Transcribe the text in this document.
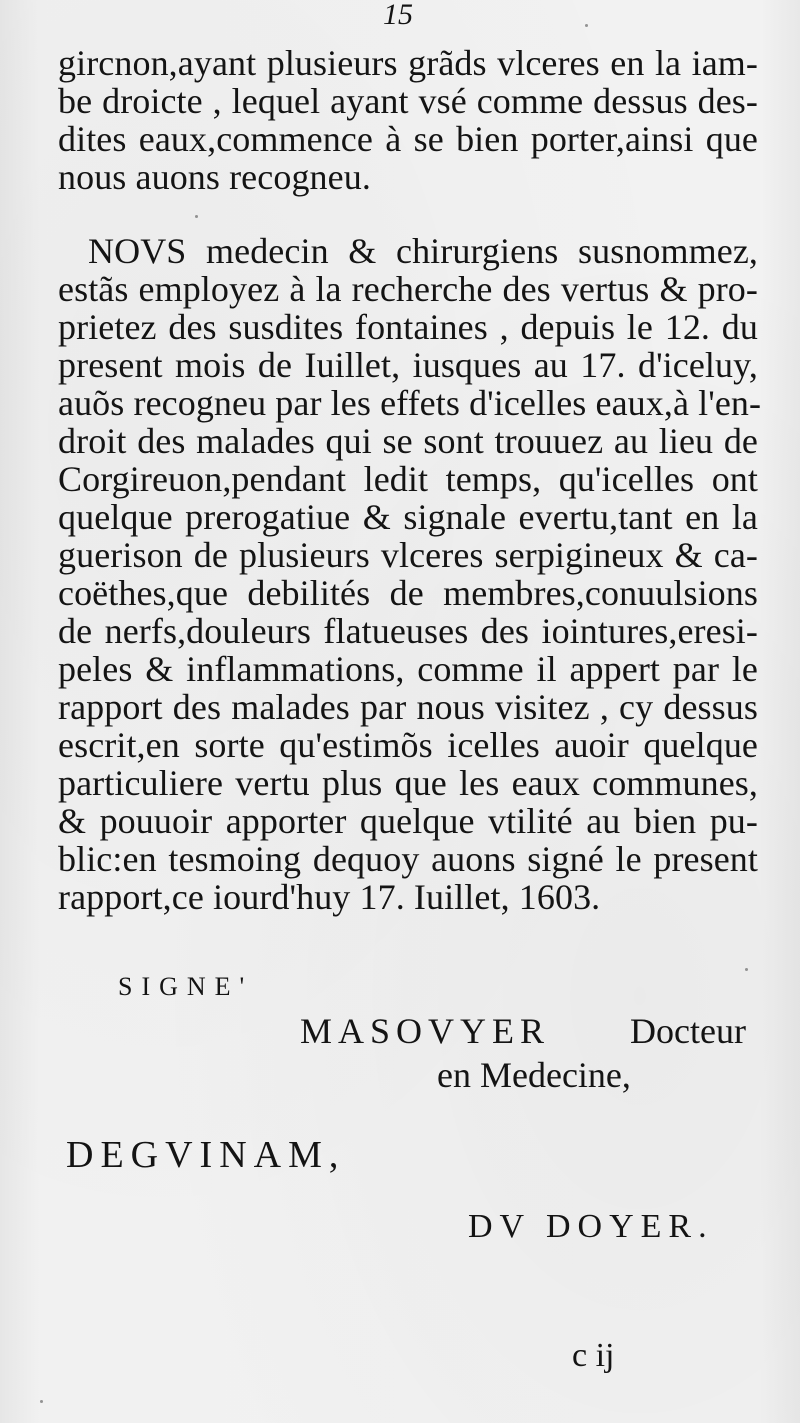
15
gircnon,ayant plusieurs grãds vlceres en la iam-
be droicte , lequel ayant vsé comme dessus des-
dites eaux,commence à se bien porter,ainsi que
nous auons recogneu.
NOVS medecin & chirurgiens susnommez,
estãs employez à la recherche des vertus & pro-
prietez des susdites fontaines , depuis le 12. du
present mois de Iuillet, iusques au 17. d'iceluy,
auõs recogneu par les effets d'icelles eaux,à l'en-
droit des malades qui se sont trouuez au lieu de
Corgireuon,pendant ledit temps, qu'icelles ont
quelque prerogatiue & signale evertu,tant en la
guerison de plusieurs vlceres serpigineux & ca-
coëthes,que debilités de membres,conuulsions
de nerfs,douleurs flatueuses des iointures,eresi-
peles & inflammations, comme il appert par le
rapport des malades par nous visitez , cy dessus
escrit,en sorte qu'estimõs icelles auoir quelque
particuliere vertu plus que les eaux communes,
& pouuoir apporter quelque vtilité au bien pu-
blic:en tesmoing dequoy auons signé le present
rapport,ce iourd'huy 17. Iuillet, 1603.
SIGNE'
MASOVYER Docteur
en Medecine,
DEGVINAM,
DV DOYER.
c ij
